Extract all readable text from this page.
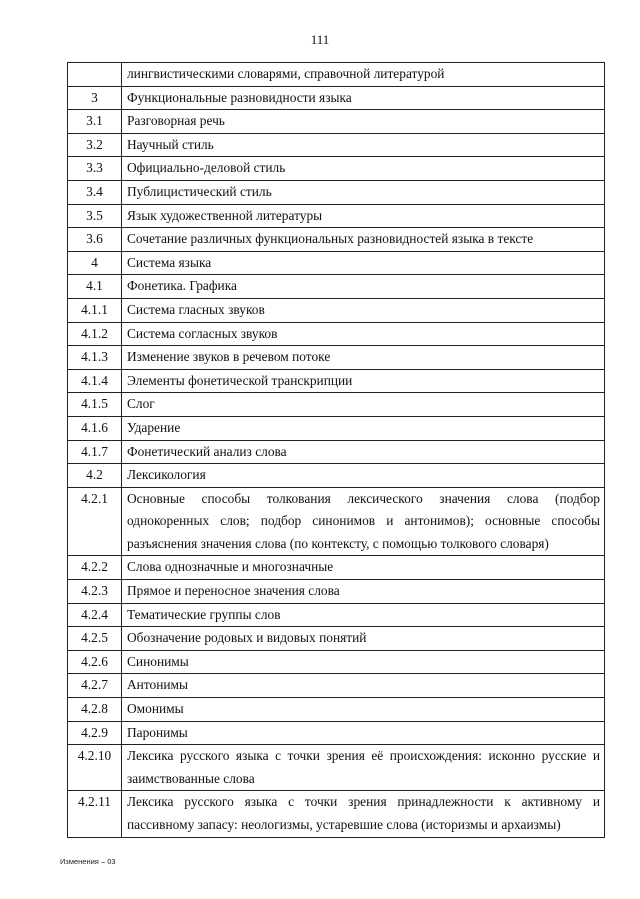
111
	лингвистическими словарями, справочной литературой
3	Функциональные разновидности языка
3.1	Разговорная речь
3.2	Научный стиль
3.3	Официально-деловой стиль
3.4	Публицистический стиль
3.5	Язык художественной литературы
3.6	Сочетание различных функциональных разновидностей языка в тексте
4	Система языка
4.1	Фонетика. Графика
4.1.1	Система гласных звуков
4.1.2	Система согласных звуков
4.1.3	Изменение звуков в речевом потоке
4.1.4	Элементы фонетической транскрипции
4.1.5	Слог
4.1.6	Ударение
4.1.7	Фонетический анализ слова
4.2	Лексикология
4.2.1	Основные способы толкования лексического значения слова (подбор однокоренных слов; подбор синонимов и антонимов); основные способы разъяснения значения слова (по контексту, с помощью толкового словаря)
4.2.2	Слова однозначные и многозначные
4.2.3	Прямое и переносное значения слова
4.2.4	Тематические группы слов
4.2.5	Обозначение родовых и видовых понятий
4.2.6	Синонимы
4.2.7	Антонимы
4.2.8	Омонимы
4.2.9	Паронимы
4.2.10	Лексика русского языка с точки зрения её происхождения: исконно русские и заимствованные слова
4.2.11	Лексика русского языка с точки зрения принадлежности к активному и пассивному запасу: неологизмы, устаревшие слова (историзмы и архаизмы)
Изменения – 03
